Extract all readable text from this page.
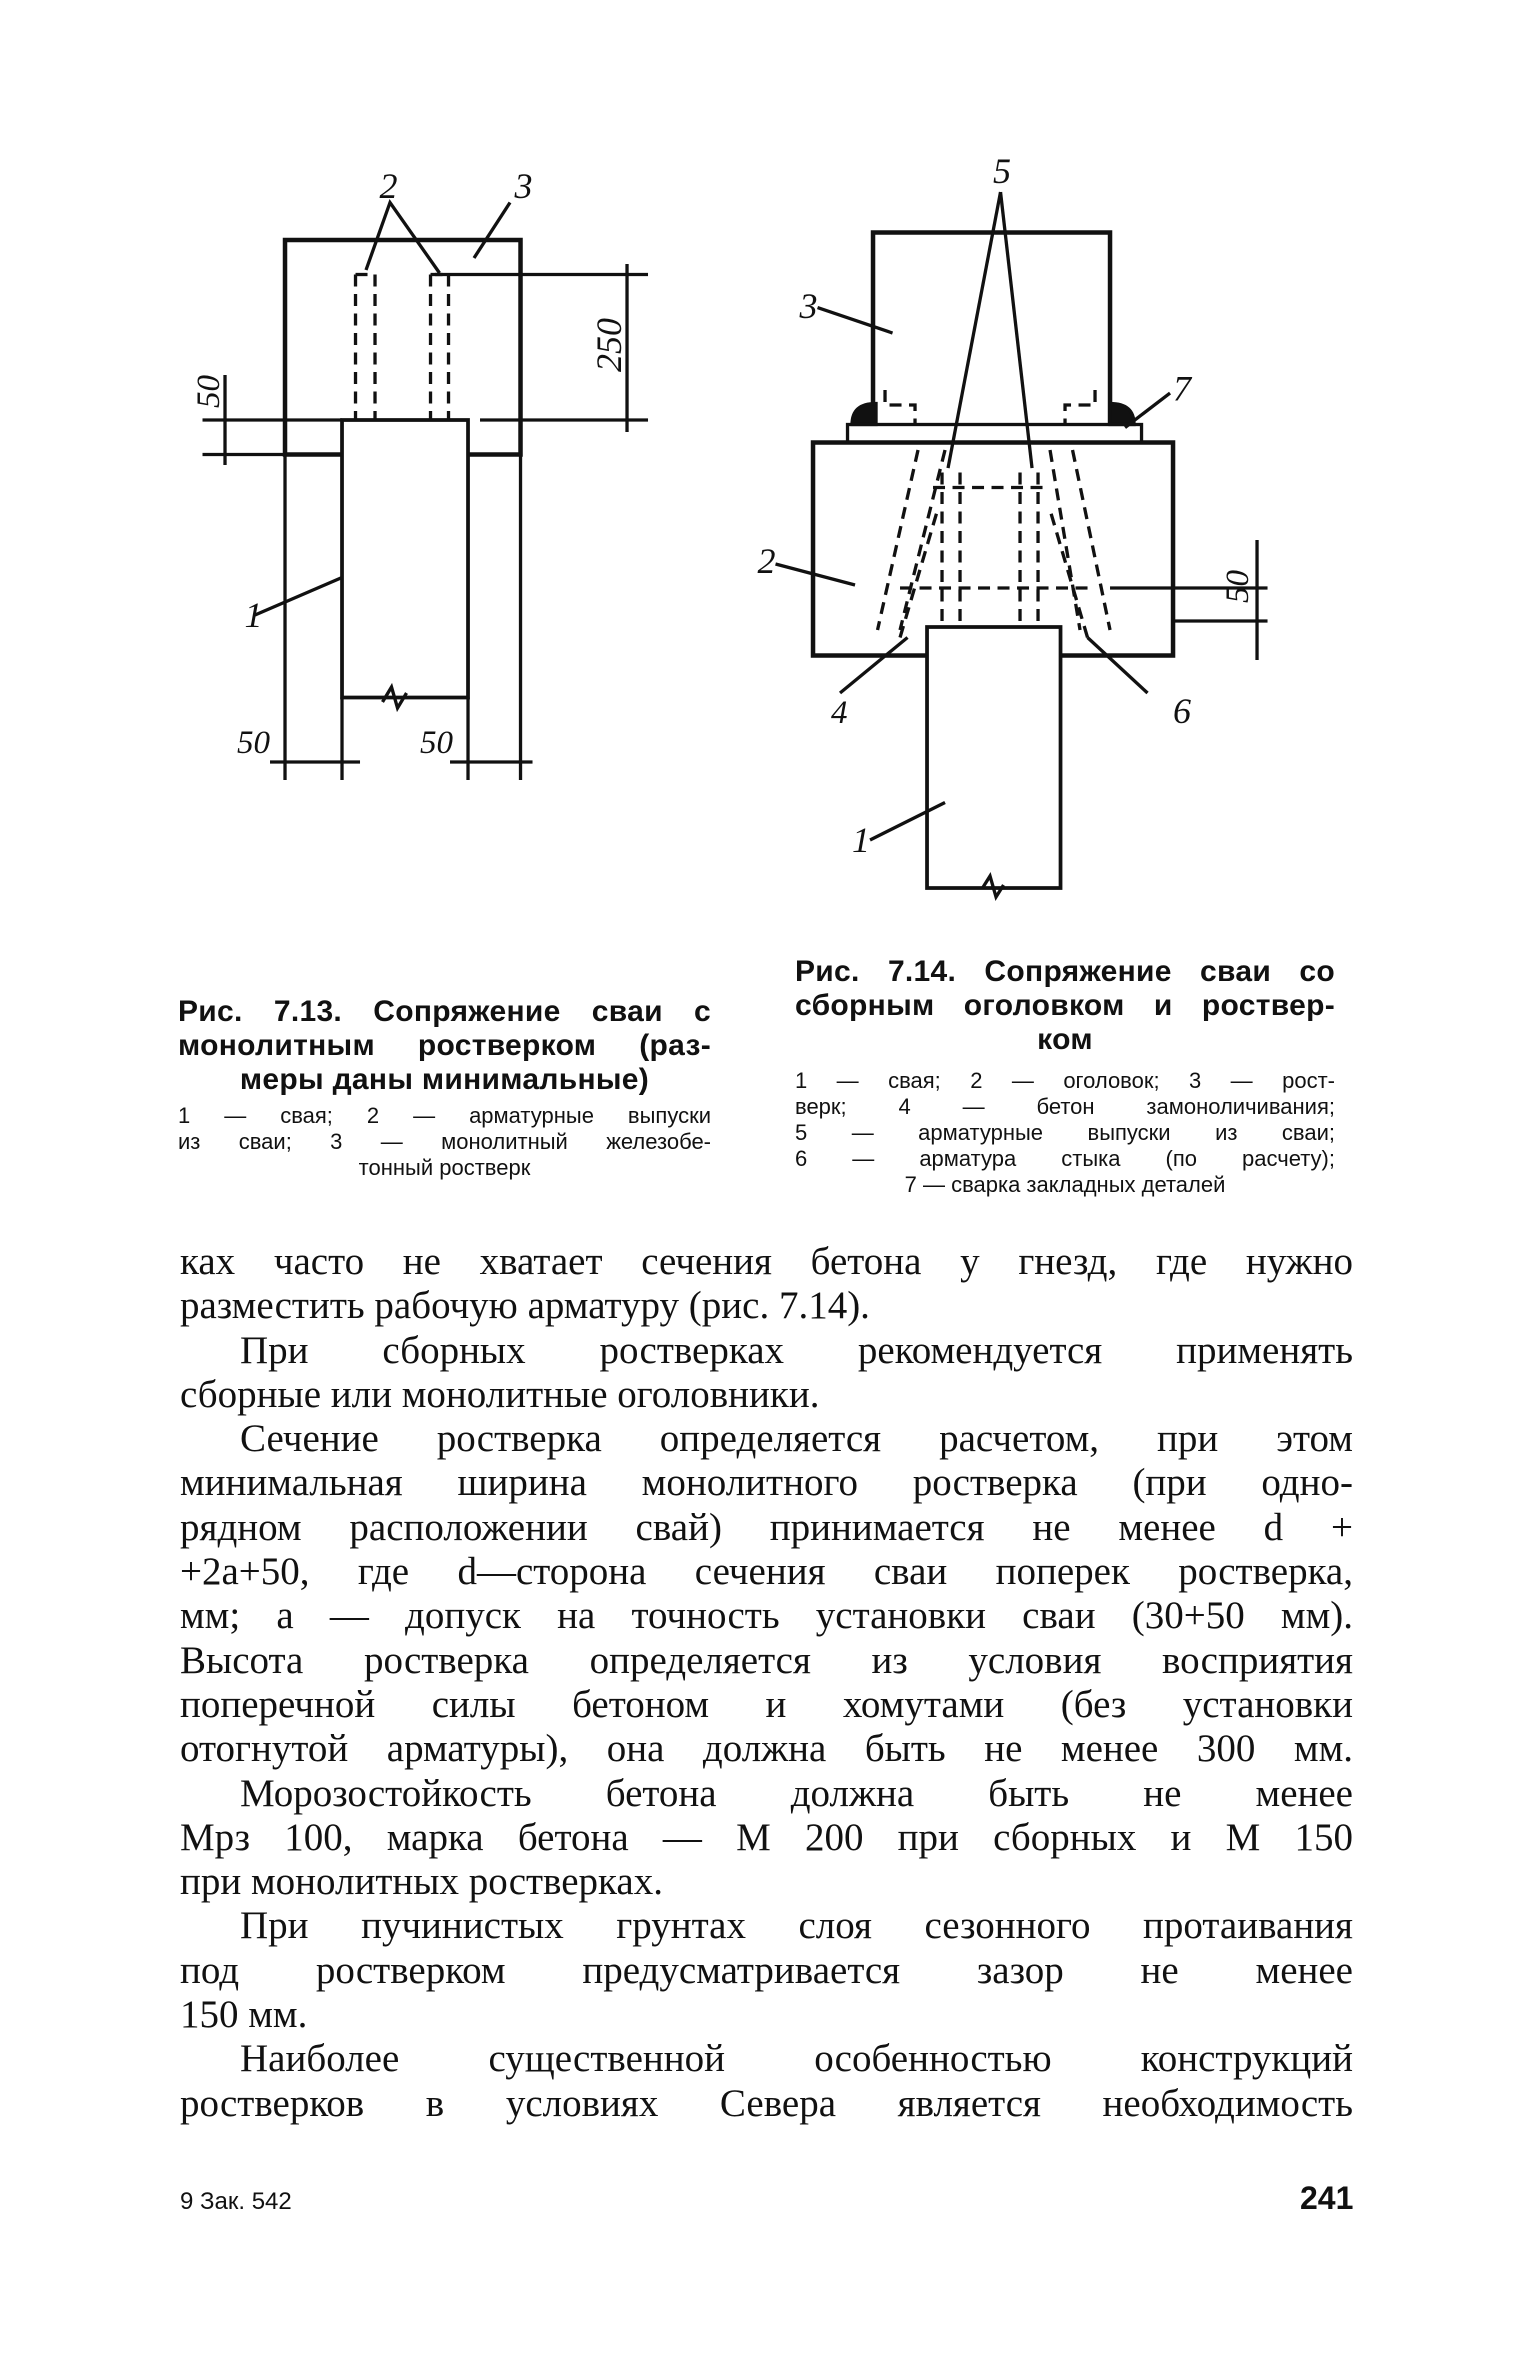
2	3
1
250
50
50	50
5
3
7
2
4	6
1
50
Рис. 7.13. Сопряжение сваи с
монолитным ростверком (раз-
меры даны минимальные)
1 — свая; 2 — арматурные выпуски
из сваи; 3 — монолитный железобе-
тонный ростверк
Рис. 7.14. Сопряжение сваи со
сборным оголовком и роствер-
ком
1 — свая; 2 — оголовок; 3 — рост-
верк; 4 — бетон замоноличивания;
5 — арматурные выпуски из сваи;
6 — арматура стыка (по расчету);
7 — сварка закладных деталей
ках часто не хватает сечения бетона у гнезд, где нужно
разместить рабочую арматуру (рис. 7.14).
При сборных ростверках рекомендуется применять
сборные или монолитные оголовники.
Сечение ростверка определяется расчетом, при этом
минимальная ширина монолитного ростверка (при одно-
рядном расположении свай) принимается не менее d +
+2a+50, где d—сторона сечения сваи поперек ростверка,
мм; a — допуск на точность установки сваи (30+50 мм).
Высота ростверка определяется из условия восприятия
поперечной силы бетоном и хомутами (без установки
отогнутой арматуры), она должна быть не менее 300 мм.
Морозостойкость бетона должна быть не менее
Мрз 100, марка бетона — М 200 при сборных и М 150
при монолитных ростверках.
При пучинистых грунтах слоя сезонного протаивания
под ростверком предусматривается зазор не менее
150 мм.
Наиболее существенной особенностью конструкций
ростверков в условиях Севера является необходимость
9 Зак. 542	241
